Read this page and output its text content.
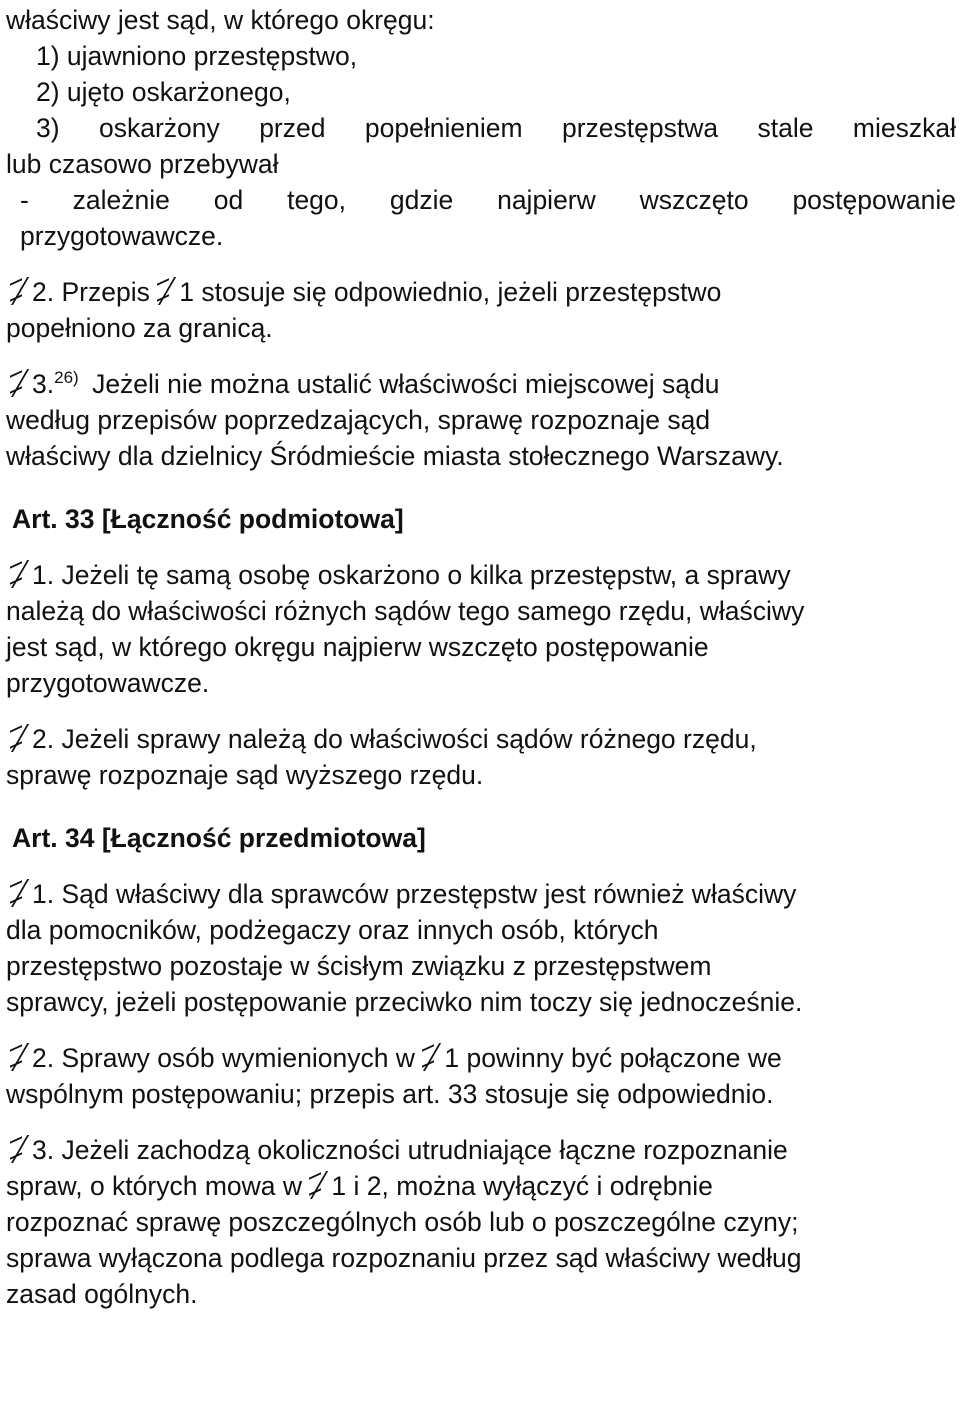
właściwy jest sąd, w którego okręgu:
1) ujawniono przestępstwo,
2) ujęto oskarżonego,
3) oskarżony przed popełnieniem przestępstwa stale mieszkał
lub czasowo przebywał
- zależnie od tego, gdzie najpierw wszczęto postępowanie
przygotowawcze.
2. Przepis 1 stosuje się odpowiednio, jeżeli przestępstwo
popełniono za granicą.
3.$^{26)}$ Jeżeli nie można ustalić właściwości miejscowej sądu
według przepisów poprzedzających, sprawę rozpoznaje sąd
właściwy dla dzielnicy Śródmieście miasta stołecznego Warszawy.
Art. 33 [Łączność podmiotowa]
1. Jeżeli tę samą osobę oskarżono o kilka przestępstw, a sprawy
należą do właściwości różnych sądów tego samego rzędu, właściwy
jest sąd, w którego okręgu najpierw wszczęto postępowanie
przygotowawcze.
2. Jeżeli sprawy należą do właściwości sądów różnego rzędu,
sprawę rozpoznaje sąd wyższego rzędu.
Art. 34 [Łączność przedmiotowa]
1. Sąd właściwy dla sprawców przestępstw jest również właściwy
dla pomocników, podżegaczy oraz innych osób, których
przestępstwo pozostaje w ścisłym związku z przestępstwem
sprawcy, jeżeli postępowanie przeciwko nim toczy się jednocześnie.
2. Sprawy osób wymienionych w 1 powinny być połączone we
wspólnym postępowaniu; przepis art. 33 stosuje się odpowiednio.
3. Jeżeli zachodzą okoliczności utrudniające łączne rozpoznanie
spraw, o których mowa w 1 i 2, można wyłączyć i odrębnie
rozpoznać sprawę poszczególnych osób lub o poszczególne czyny;
sprawa wyłączona podlega rozpoznaniu przez sąd właściwy według
zasad ogólnych.
